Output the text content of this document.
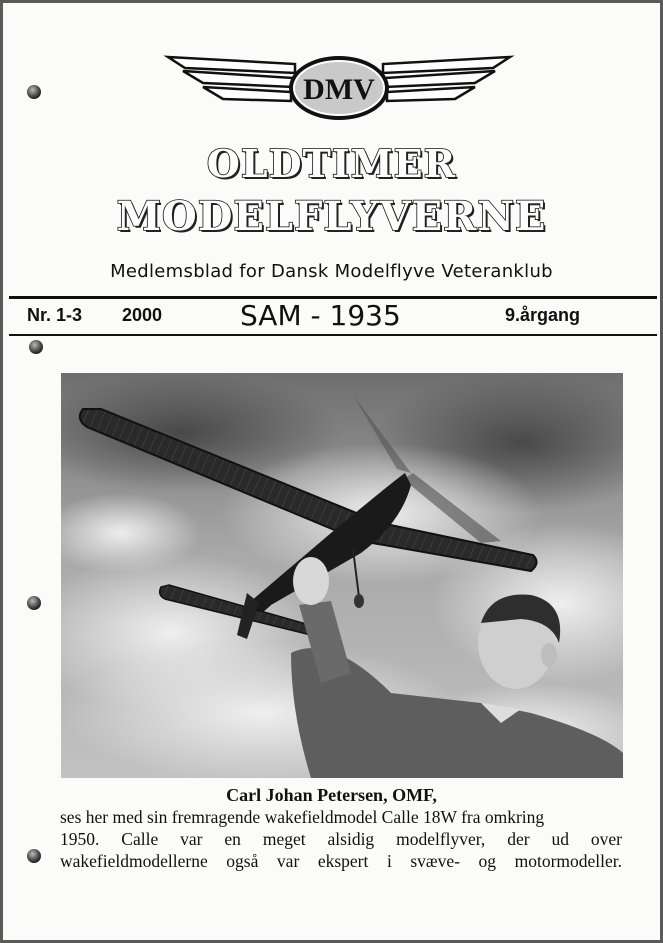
DMV
OLDTIMER
MODELFLYVERNE
Medlemsblad for Dansk Modelflyve Veteranklub
Nr. 1-3 2000	SAM - 1935	9.årgang
Carl Johan Petersen, OMF,
ses her med sin fremragende wakefieldmodel Calle 18W fra omkring
1950. Calle var en meget alsidig modelflyver, der ud over
wakefieldmodellerne også var ekspert i svæve- og motormodeller.
